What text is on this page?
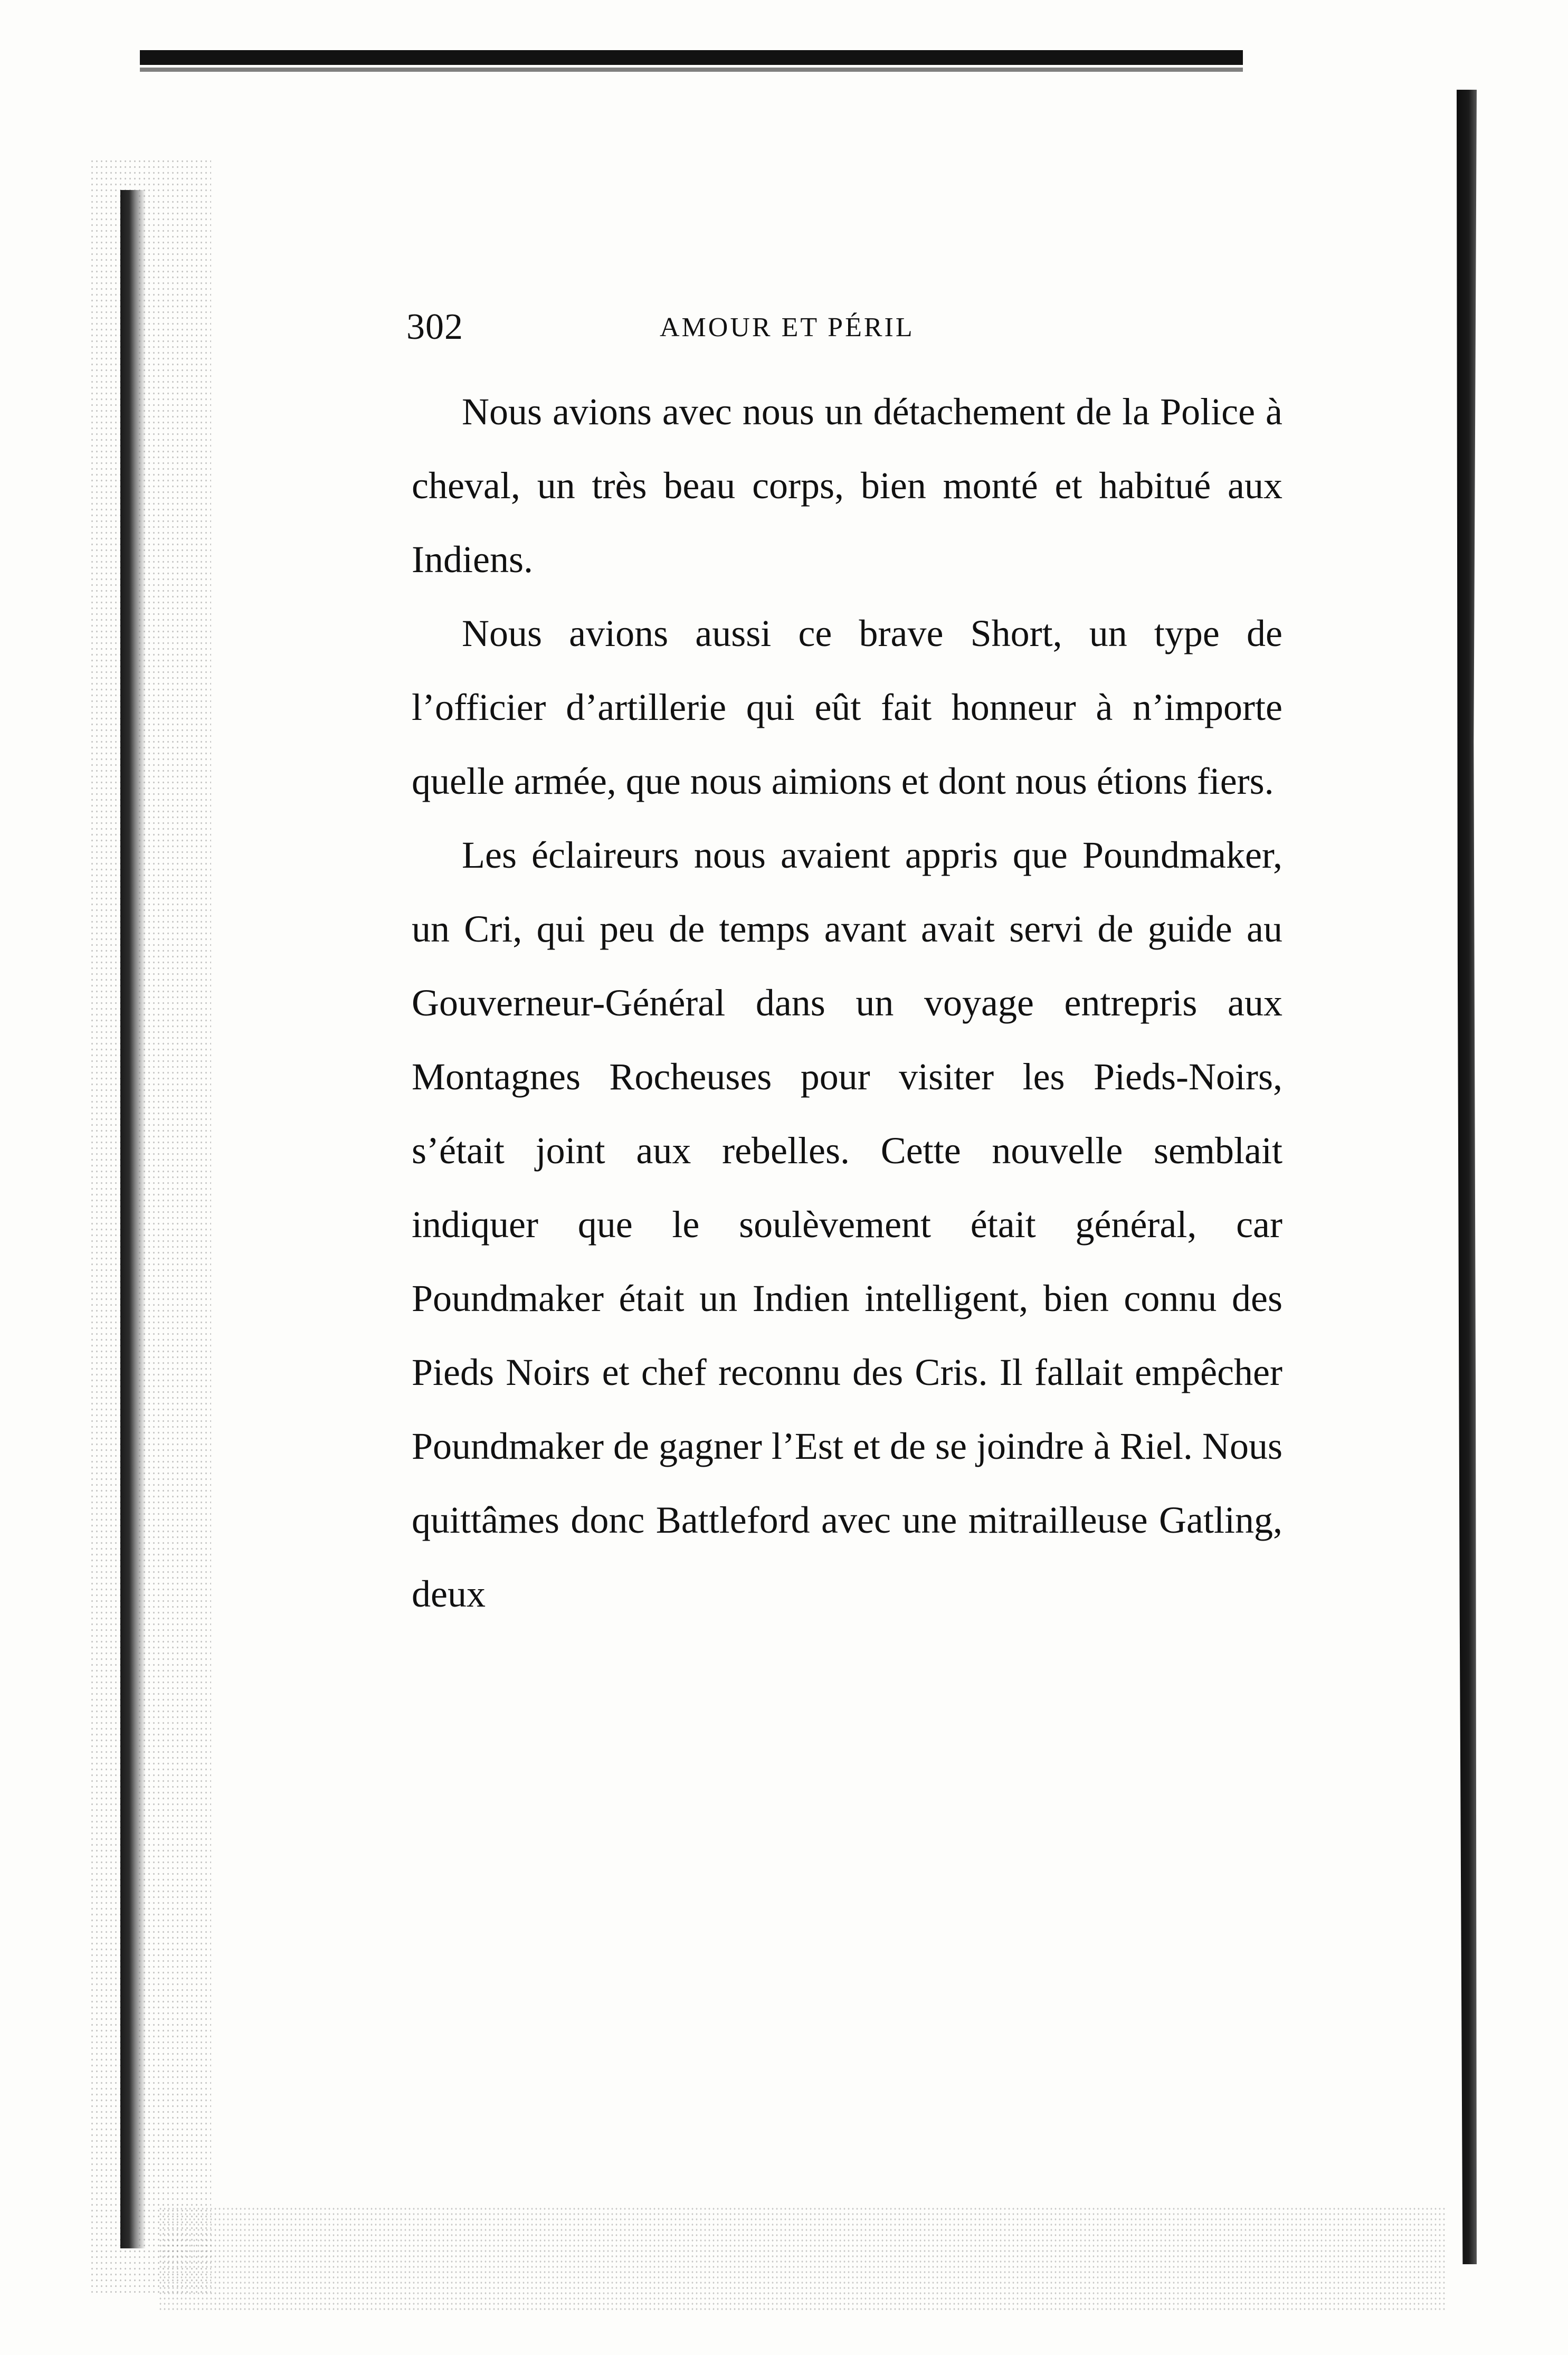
302	AMOUR ET PÉRIL

Nous avions avec nous un détachement de la Police à cheval, un très beau corps, bien monté et habitué aux Indiens.

Nous avions aussi ce brave Short, un type de l’officier d’artillerie qui eût fait honneur à n’importe quelle armée, que nous aimions et dont nous étions fiers.

Les éclaireurs nous avaient appris que Poundmaker, un Cri, qui peu de temps avant avait servi de guide au Gouverneur-Général dans un voyage entrepris aux Montagnes Rocheuses pour visiter les Pieds-Noirs, s’était joint aux rebelles. Cette nouvelle semblait indiquer que le soulèvement était général, car Poundmaker était un Indien intelligent, bien connu des Pieds Noirs et chef reconnu des Cris. Il fallait empêcher Poundmaker de gagner l’Est et de se joindre à Riel. Nous quittâmes donc Battleford avec une mitrailleuse Gatling, deux
